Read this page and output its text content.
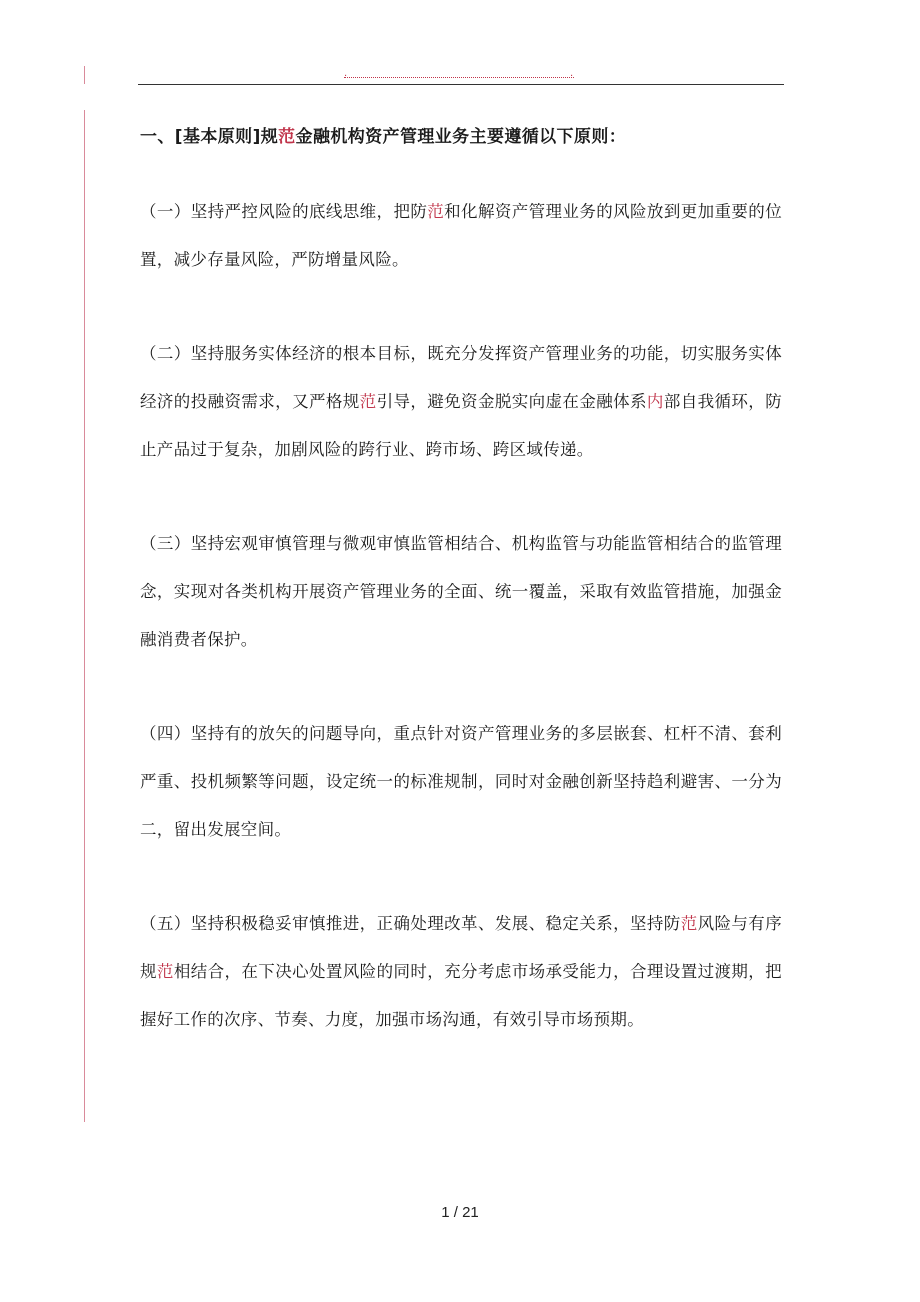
.	.

一、[基本原则]规范金融机构资产管理业务主要遵循以下原则：

（一）坚持严控风险的底线思维，把防范和化解资产管理业务的风险放到更加重要的位置，减少存量风险，严防增量风险。

（二）坚持服务实体经济的根本目标，既充分发挥资产管理业务的功能，切实服务实体经济的投融资需求，又严格规范引导，避免资金脱实向虚在金融体系内部自我循环，防止产品过于复杂，加剧风险的跨行业、跨市场、跨区域传递。

（三）坚持宏观审慎管理与微观审慎监管相结合、机构监管与功能监管相结合的监管理念，实现对各类机构开展资产管理业务的全面、统一覆盖，采取有效监管措施，加强金融消费者保护。

（四）坚持有的放矢的问题导向，重点针对资产管理业务的多层嵌套、杠杆不清、套利严重、投机频繁等问题，设定统一的标准规制，同时对金融创新坚持趋利避害、一分为二，留出发展空间。

（五）坚持积极稳妥审慎推进，正确处理改革、发展、稳定关系，坚持防范风险与有序规范相结合，在下决心处置风险的同时，充分考虑市场承受能力，合理设置过渡期，把握好工作的次序、节奏、力度，加强市场沟通，有效引导市场预期。

1 / 21
